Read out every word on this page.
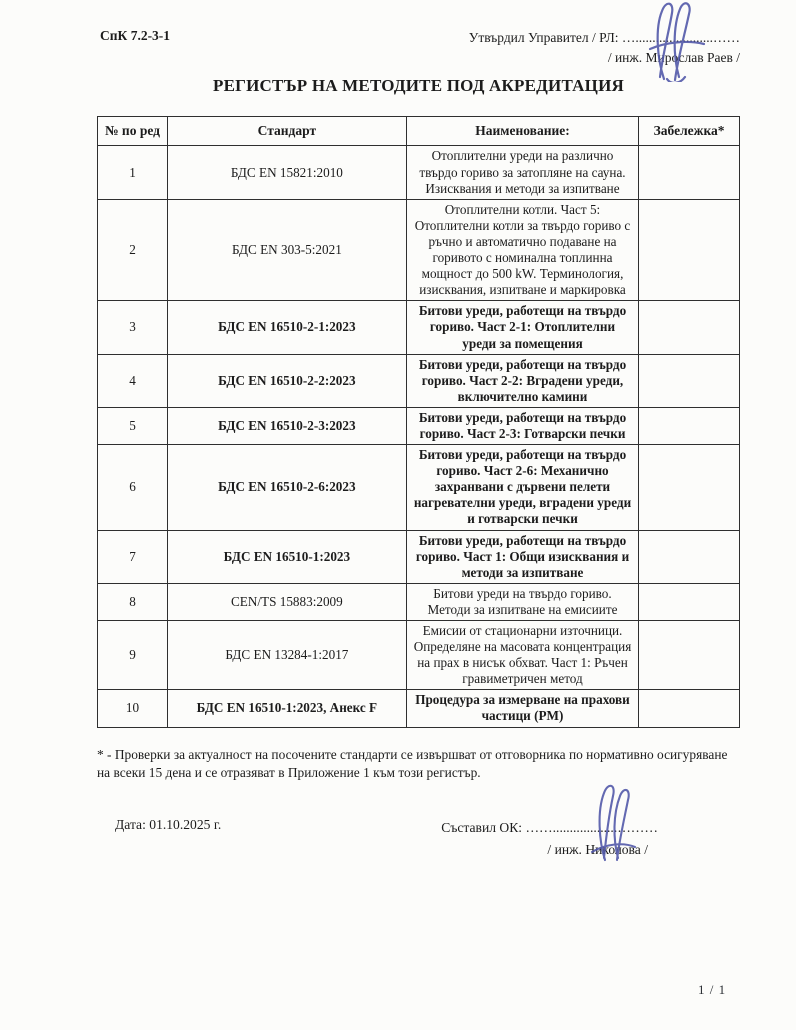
СпК 7.2-3-1	Утвърдил Управител / РЛ: ….......................……
/ инж. Мирослав Раев /
РЕГИСТЪР НА МЕТОДИТЕ ПОД АКРЕДИТАЦИЯ
№ по ред	Стандарт	Наименование:	Забележка*
1	БДС EN 15821:2010	Отоплителни уреди на различно твърдо гориво за затопляне на сауна. Изисквания и методи за изпитване	
2	БДС EN 303-5:2021	Отоплителни котли. Част 5: Отоплителни котли за твърдо гориво с ръчно и автоматично подаване на горивото с номинална топлинна мощност до 500 kW. Терминология, изисквания, изпитване и маркировка	
3	БДС EN 16510-2-1:2023	Битови уреди, работещи на твърдо гориво. Част 2-1: Отоплителни уреди за помещения	
4	БДС EN 16510-2-2:2023	Битови уреди, работещи на твърдо гориво. Част 2-2: Вградени уреди, включително камини	
5	БДС EN 16510-2-3:2023	Битови уреди, работещи на твърдо гориво. Част 2-3: Готварски печки	
6	БДС EN 16510-2-6:2023	Битови уреди, работещи на твърдо гориво. Част 2-6: Механично захранвани с дървени пелети нагревателни уреди, вградени уреди и готварски печки	
7	БДС EN 16510-1:2023	Битови уреди, работещи на твърдо гориво. Част 1: Общи изисквания и методи за изпитване	
8	CEN/TS 15883:2009	Битови уреди на твърдо гориво. Методи за изпитване на емисиите	
9	БДС EN 13284-1:2017	Емисии от стационарни източници. Определяне на масовата концентрация на прах в нисък обхват. Част 1: Ръчен гравиметричен метод	
10	БДС EN 16510-1:2023, Анекс F	Процедура за измерване на прахови частици (PM)	

* - Проверки за актуалност на посочените стандарти се извършват от отговорника по нормативно осигуряване на всеки 15 дена и се отразяват в Приложение 1 към този регистър.

Дата: 01.10.2025 г.	Съставил ОК: ……...................………
/ инж. Николова /
1 / 1
